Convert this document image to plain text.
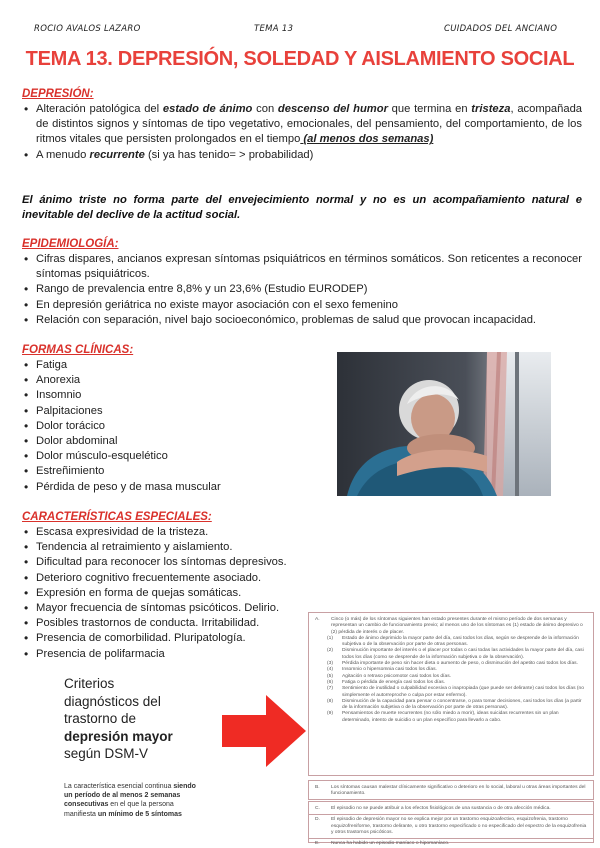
ROCIO AVALOS LAZARO	TEMA 13	CUIDADOS DEL ANCIANO
TEMA 13. DEPRESIÓN, SOLEDAD Y AISLAMIENTO SOCIAL
DEPRESIÓN:
• Alteración patológica del estado de ánimo con descenso del humor que termina en tristeza, acompañada de distintos signos y síntomas de tipo vegetativo, emocionales, del pensamiento, del comportamiento, de los ritmos vitales que persisten prolongados en el tiempo (al menos dos semanas)
• A menudo recurrente (si ya has tenido= > probabilidad)
El ánimo triste no forma parte del envejecimiento normal y no es un acompañamiento natural e inevitable del declive de la actitud social.
EPIDEMIOLOGÍA:
• Cifras dispares, ancianos expresan síntomas psiquiátricos en términos somáticos. Son reticentes a reconocer síntomas psiquiátricos.
• Rango de prevalencia entre 8,8% y un 23,6% (Estudio EURODEP)
• En depresión geriátrica no existe mayor asociación con el sexo femenino
• Relación con separación, nivel bajo socioeconómico, problemas de salud que provocan incapacidad.
FORMAS CLÍNICAS:
• Fatiga
• Anorexia
• Insomnio
• Palpitaciones
• Dolor torácico
• Dolor abdominal
• Dolor músculo-esquelético
• Estreñimiento
• Pérdida de peso y de masa muscular
CARACTERÍSTICAS ESPECIALES:
• Escasa expresividad de la tristeza.
• Tendencia al retraimiento y aislamiento.
• Dificultad para reconocer los síntomas depresivos.
• Deterioro cognitivo frecuentemente asociado.
• Expresión en forma de quejas somáticas.
• Mayor frecuencia de síntomas psicóticos. Delirio.
• Posibles trastornos de conducta. Irritabilidad.
• Presencia de comorbilidad. Pluripatología.
• Presencia de polifarmacia
Criterios
diagnósticos del
trastorno de
depresión mayor
según DSM-V
La característica esencial continua siendo un período de al menos 2 semanas consecutivas en el que la persona manifiesta un mínimo de 5 síntomas
A.	Cinco (o más) de los síntomas siguientes han estado presentes durante el mismo período de dos semanas y representan un cambio de funcionamiento previo; al menos uno de los síntomas es (1) estado de ánimo depresivo o (2) pérdida de interés o de placer.
(1)	Estado de ánimo deprimido la mayor parte del día, casi todos los días, según se desprende de la información subjetiva o de la observación por parte de otras personas.
(2)	Disminución importante del interés o el placer por todas o casi todas las actividades la mayor parte del día, casi todos los días (como se desprende de la información subjetiva o de la observación).
(3)	Pérdida importante de peso sin hacer dieta o aumento de peso, o disminución del apetito casi todos los días.
(4)	Insomnio o hipersomnia casi todos los días.
(5)	Agitación o retraso psicomotor casi todos los días.
(6)	Fatiga o pérdida de energía casi todos los días.
(7)	Sentimiento de inutilidad o culpabilidad excesiva o inapropiada (que puede ser delirante) casi todos los días (no simplemente el autorreproche o culpa por estar enfermo).
(8)	Disminución de la capacidad para pensar o concentrarse, o para tomar decisiones, casi todos los días (a partir de la información subjetiva o de la observación por parte de otras personas).
(9)	Pensamientos de muerte recurrentes (no sólo miedo a morir), ideas suicidas recurrentes sin un plan determinado, intento de suicidio o un plan específico para llevarlo a cabo.
B.	Los síntomas causan malestar clínicamente significativo o deterioro en lo social, laboral u otras áreas importantes del funcionamiento.
C.	El episodio no se puede atribuir a los efectos fisiológicos de una sustancia o de otra afección médica.
D.	El episodio de depresión mayor no se explica mejor por un trastorno esquizoafectivo, esquizofrenia, trastorno esquizofreniforme, trastorno delirante, u otro trastorno especificado o no especificado del espectro de la esquizofrenia y otros trastornos psicóticos.
E.	Nunca ha habido un episodio maníaco o hipomaníaco.
